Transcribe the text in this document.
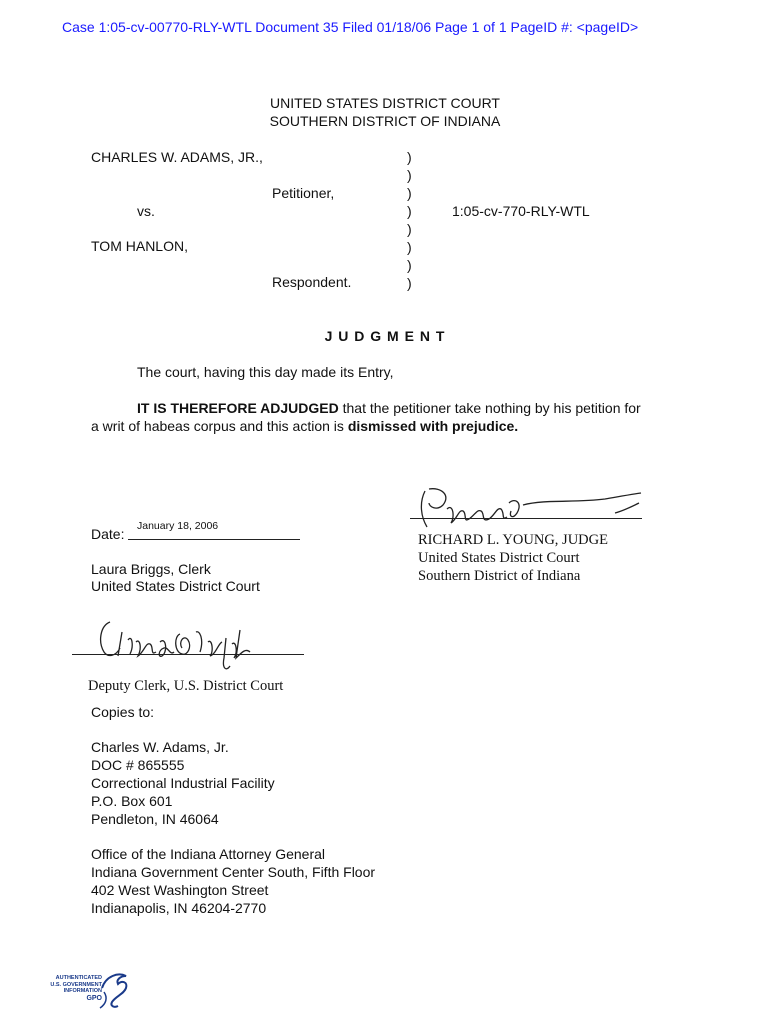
Case 1:05-cv-00770-RLY-WTL Document 35 Filed 01/18/06 Page 1 of 1 PageID #: <pageID>
UNITED STATES DISTRICT COURT
SOUTHERN DISTRICT OF INDIANA
CHARLES W. ADAMS, JR.,
Petitioner,
vs.
TOM HANLON,
Respondent.
)
)
)
)
)
)
)
)
1:05-cv-770-RLY-WTL
J U D G M E N T
The court, having this day made its Entry,
IT IS THEREFORE ADJUDGED that the petitioner take nothing by his petition for
a writ of habeas corpus and this action is dismissed with prejudice.
Date: January 18, 2006
Laura Briggs, Clerk
United States District Court
Deputy Clerk, U.S. District Court
RICHARD L. YOUNG, JUDGE
United States District Court
Southern District of Indiana
Copies to:
Charles W. Adams, Jr.
DOC # 865555
Correctional Industrial Facility
P.O. Box 601
Pendleton, IN 46064
Office of the Indiana Attorney General
Indiana Government Center South, Fifth Floor
402 West Washington Street
Indianapolis, IN 46204-2770
AUTHENTICATED
U.S. GOVERNMENT
INFORMATION
GPO
